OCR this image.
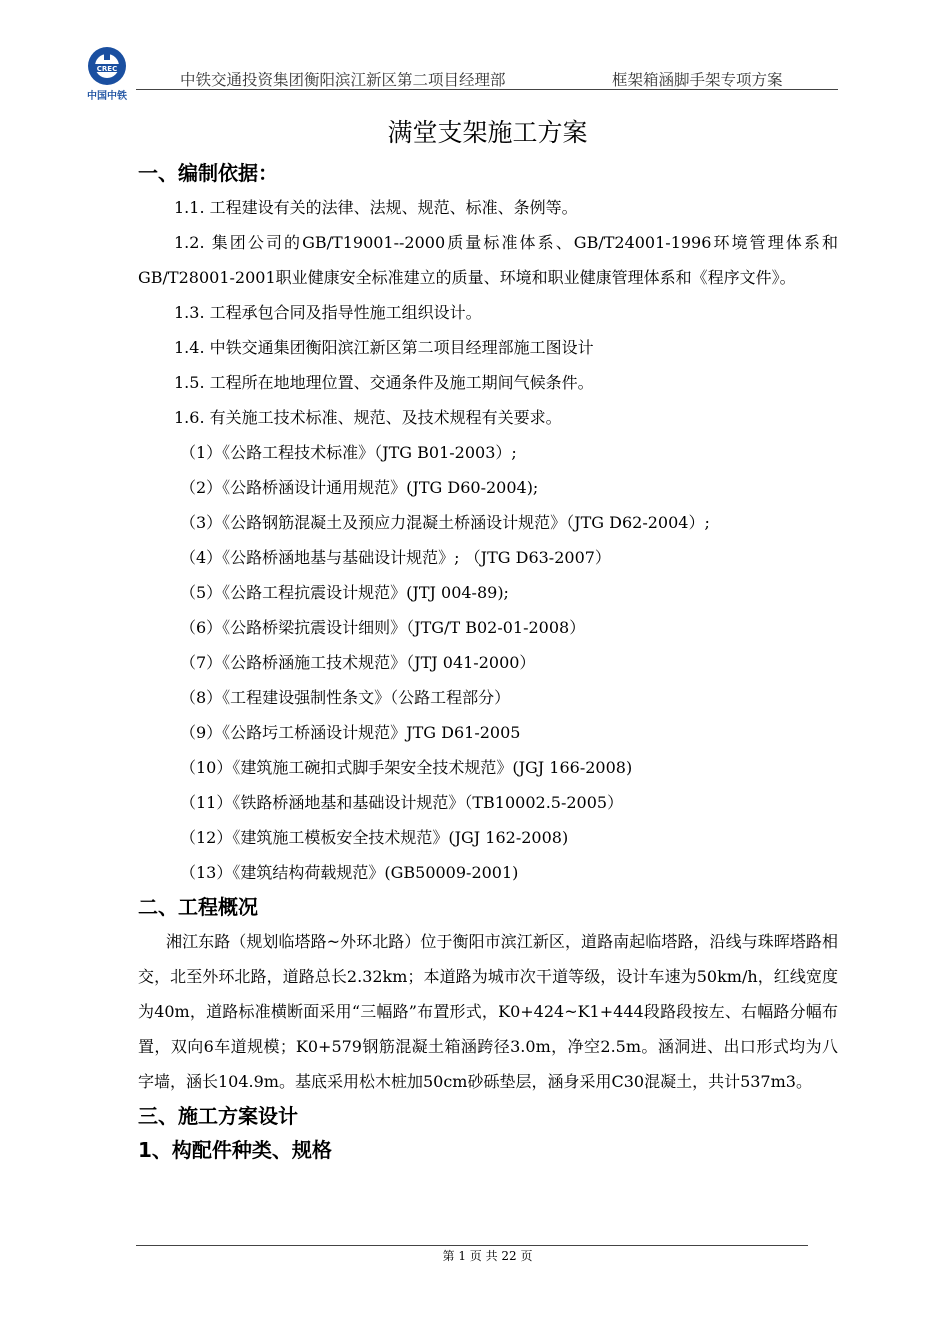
CREC
中国中铁
中铁交通投资集团衡阳滨江新区第二项目经理部	框架箱涵脚手架专项方案
满堂支架施工方案
一、编制依据：
1.1. 工程建设有关的法律、法规、规范、标准、条例等。
1.2. 集团公司的GB/T19001--2000质量标准体系、GB/T24001-1996环境管理体系和GB/T28001-2001职业健康安全标准建立的质量、环境和职业健康管理体系和《程序文件》。
1.3. 工程承包合同及指导性施工组织设计。
1.4. 中铁交通集团衡阳滨江新区第二项目经理部施工图设计
1.5. 工程所在地地理位置、交通条件及施工期间气候条件。
1.6. 有关施工技术标准、规范、及技术规程有关要求。
（1）《公路工程技术标准》（JTG B01-2003）;
（2）《公路桥涵设计通用规范》(JTG D60-2004);
（3）《公路钢筋混凝土及预应力混凝土桥涵设计规范》（JTG D62-2004）;
（4）《公路桥涵地基与基础设计规范》; （JTG D63-2007）
（5）《公路工程抗震设计规范》(JTJ 004-89);
（6）《公路桥梁抗震设计细则》（JTG/T B02-01-2008）
（7）《公路桥涵施工技术规范》（JTJ 041-2000）
（8）《工程建设强制性条文》（公路工程部分）
（9）《公路圬工桥涵设计规范》JTG D61-2005
（10）《建筑施工碗扣式脚手架安全技术规范》(JGJ 166-2008)
（11）《铁路桥涵地基和基础设计规范》（TB10002.5-2005）
（12）《建筑施工模板安全技术规范》(JGJ 162-2008)
（13）《建筑结构荷载规范》(GB50009-2001)
二、工程概况
湘江东路（规划临塔路~外环北路）位于衡阳市滨江新区，道路南起临塔路，沿线与珠晖塔路相交，北至外环北路，道路总长2.32km；本道路为城市次干道等级，设计车速为50km/h，红线宽度为40m，道路标准横断面采用“三幅路”布置形式，K0+424~K1+444段路段按左、右幅路分幅布置，双向6车道规模；K0+579钢筋混凝土箱涵跨径3.0m，净空2.5m。涵洞进、出口形式均为八字墙，涵长104.9m。基底采用松木桩加50cm砂砾垫层，涵身采用C30混凝土，共计537m3。
三、施工方案设计
1、构配件种类、规格
第 1 页 共 22 页
